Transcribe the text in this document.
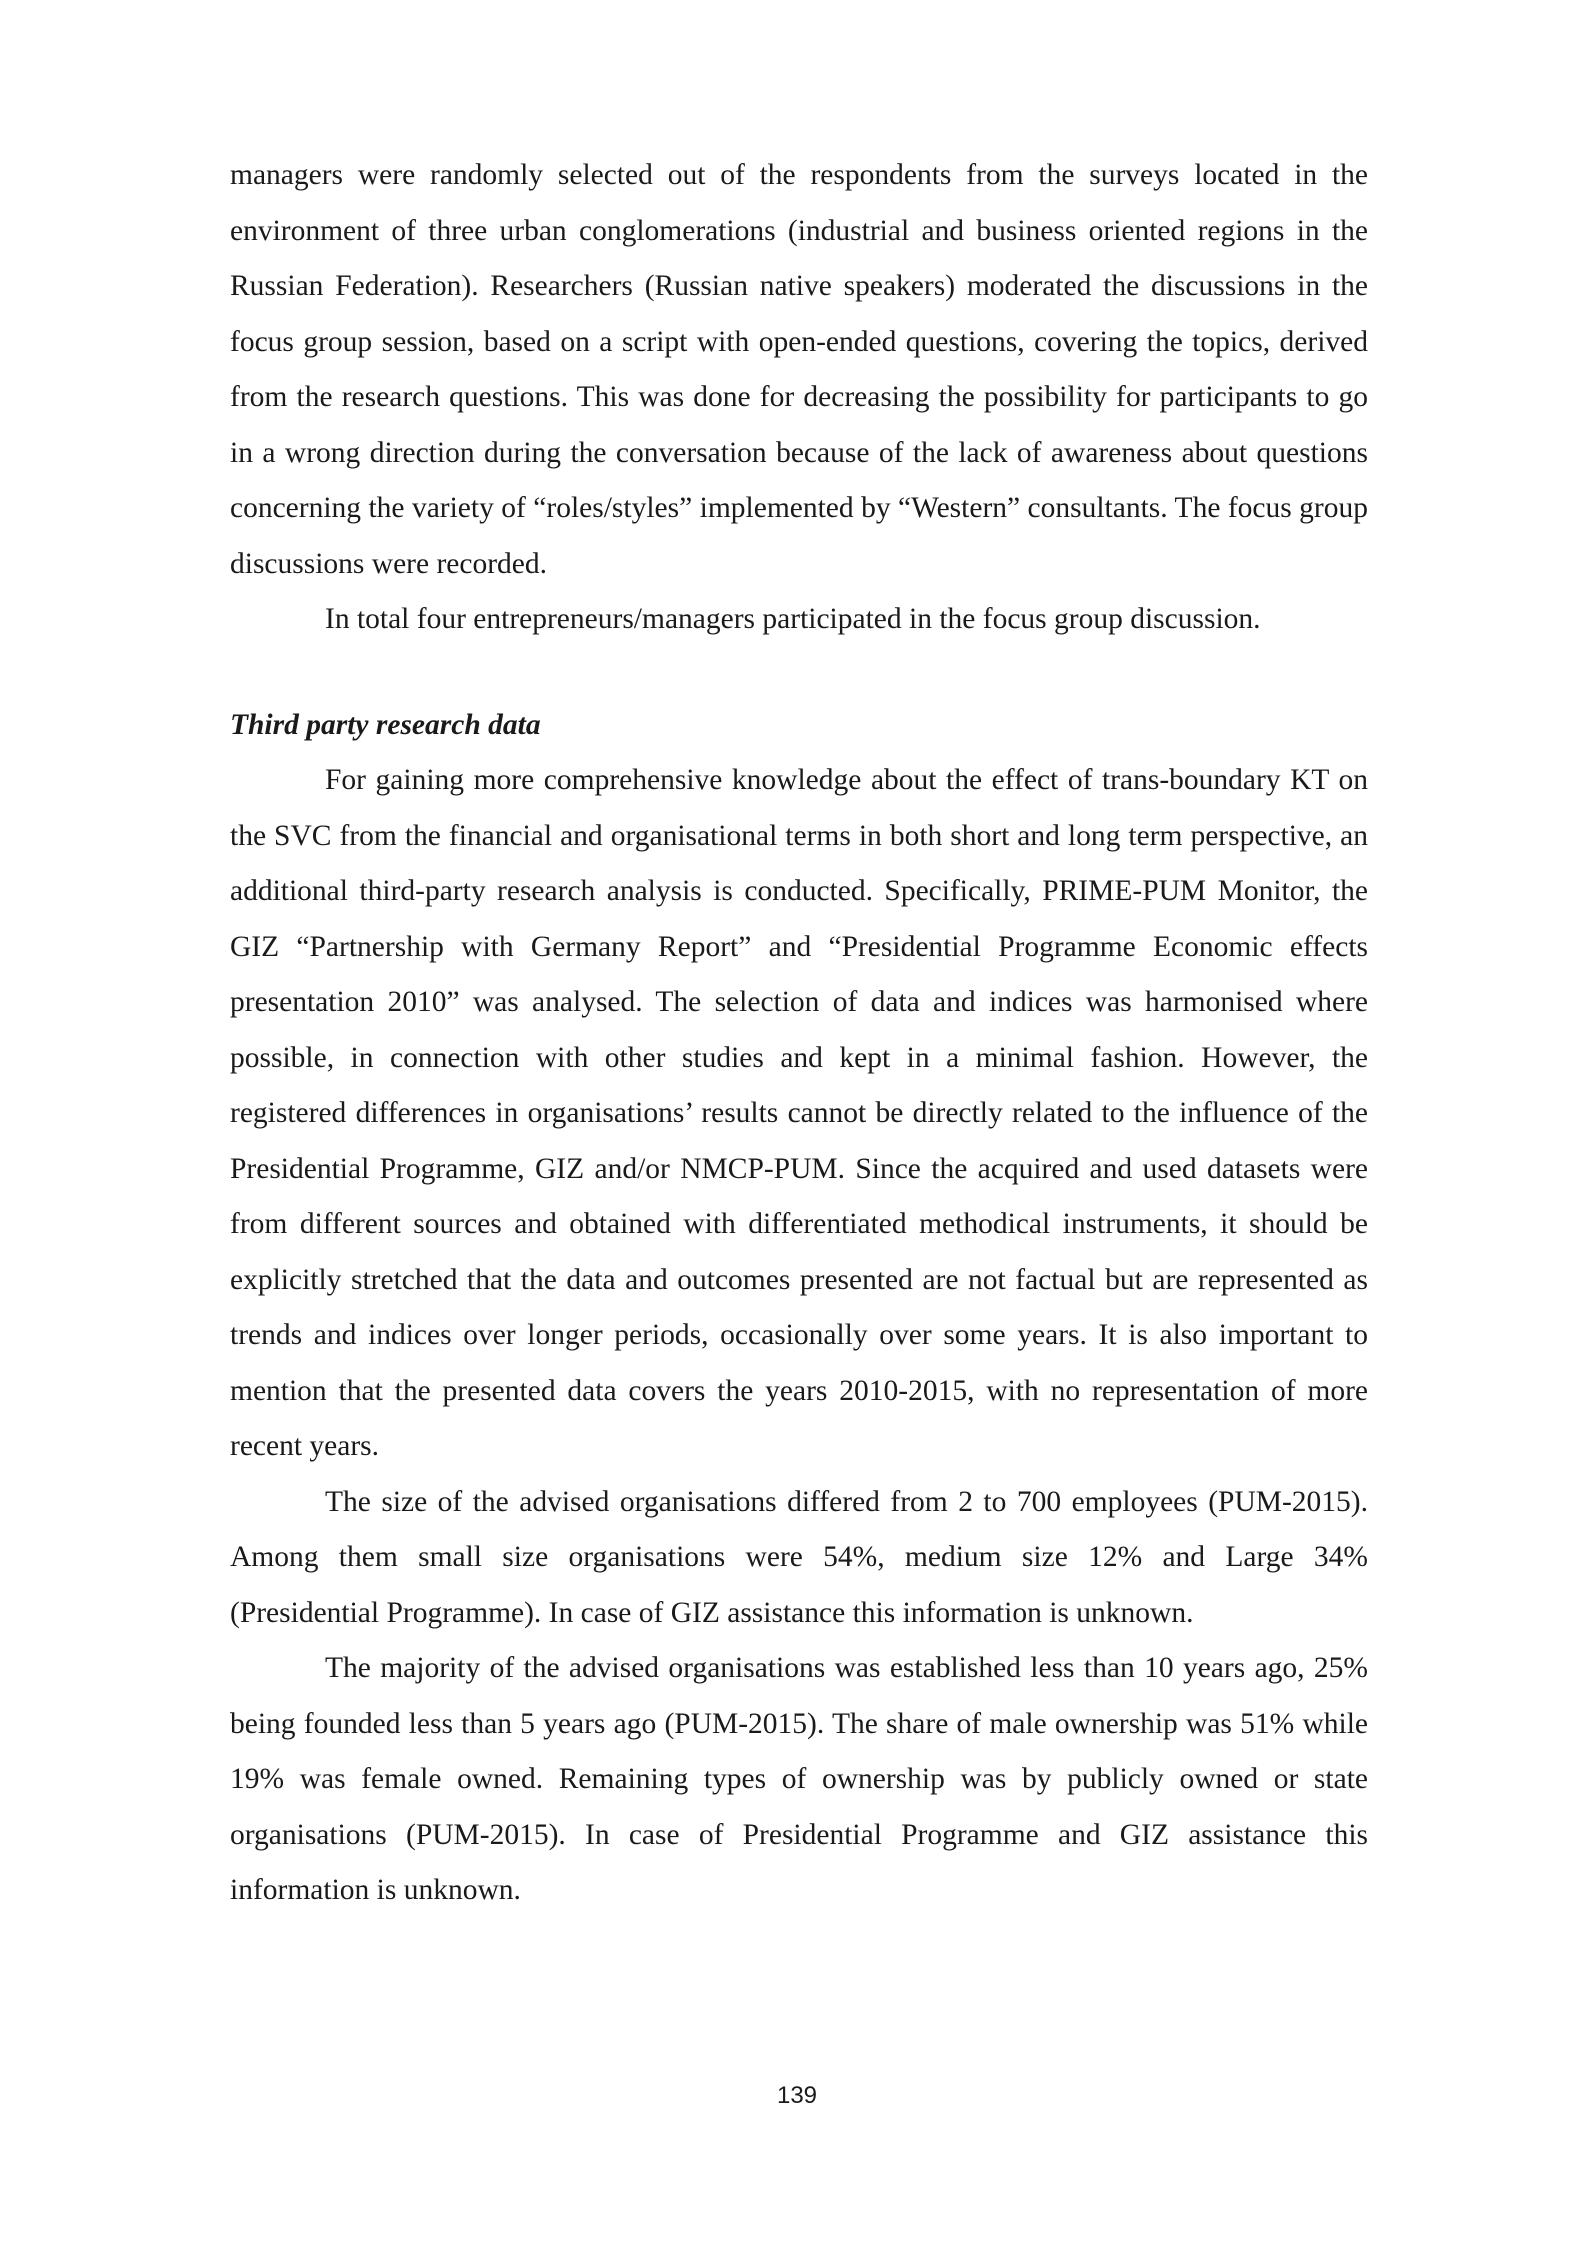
managers were randomly selected out of the respondents from the surveys located in the environment of three urban conglomerations (industrial and business oriented regions in the Russian Federation). Researchers (Russian native speakers) moderated the discussions in the focus group session, based on a script with open-ended questions, covering the topics, derived from the research questions. This was done for decreasing the possibility for participants to go in a wrong direction during the conversation because of the lack of awareness about questions concerning the variety of “roles/styles” implemented by “Western” consultants. The focus group discussions were recorded.

In total four entrepreneurs/managers participated in the focus group discussion.

Third party research data

For gaining more comprehensive knowledge about the effect of trans-boundary KT on the SVC from the financial and organisational terms in both short and long term perspective, an additional third-party research analysis is conducted. Specifically, PRIME-PUM Monitor, the GIZ “Partnership with Germany Report” and “Presidential Programme Economic effects presentation 2010” was analysed. The selection of data and indices was harmonised where possible, in connection with other studies and kept in a minimal fashion. However, the registered differences in organisations’ results cannot be directly related to the influence of the Presidential Programme, GIZ and/or NMCP-PUM. Since the acquired and used datasets were from different sources and obtained with differentiated methodical instruments, it should be explicitly stretched that the data and outcomes presented are not factual but are represented as trends and indices over longer periods, occasionally over some years. It is also important to mention that the presented data covers the years 2010-2015, with no representation of more recent years.

The size of the advised organisations differed from 2 to 700 employees (PUM-2015). Among them small size organisations were 54%, medium size 12% and Large 34% (Presidential Programme). In case of GIZ assistance this information is unknown.

The majority of the advised organisations was established less than 10 years ago, 25% being founded less than 5 years ago (PUM-2015). The share of male ownership was 51% while 19% was female owned. Remaining types of ownership was by publicly owned or state organisations (PUM-2015). In case of Presidential Programme and GIZ assistance this information is unknown.

139
